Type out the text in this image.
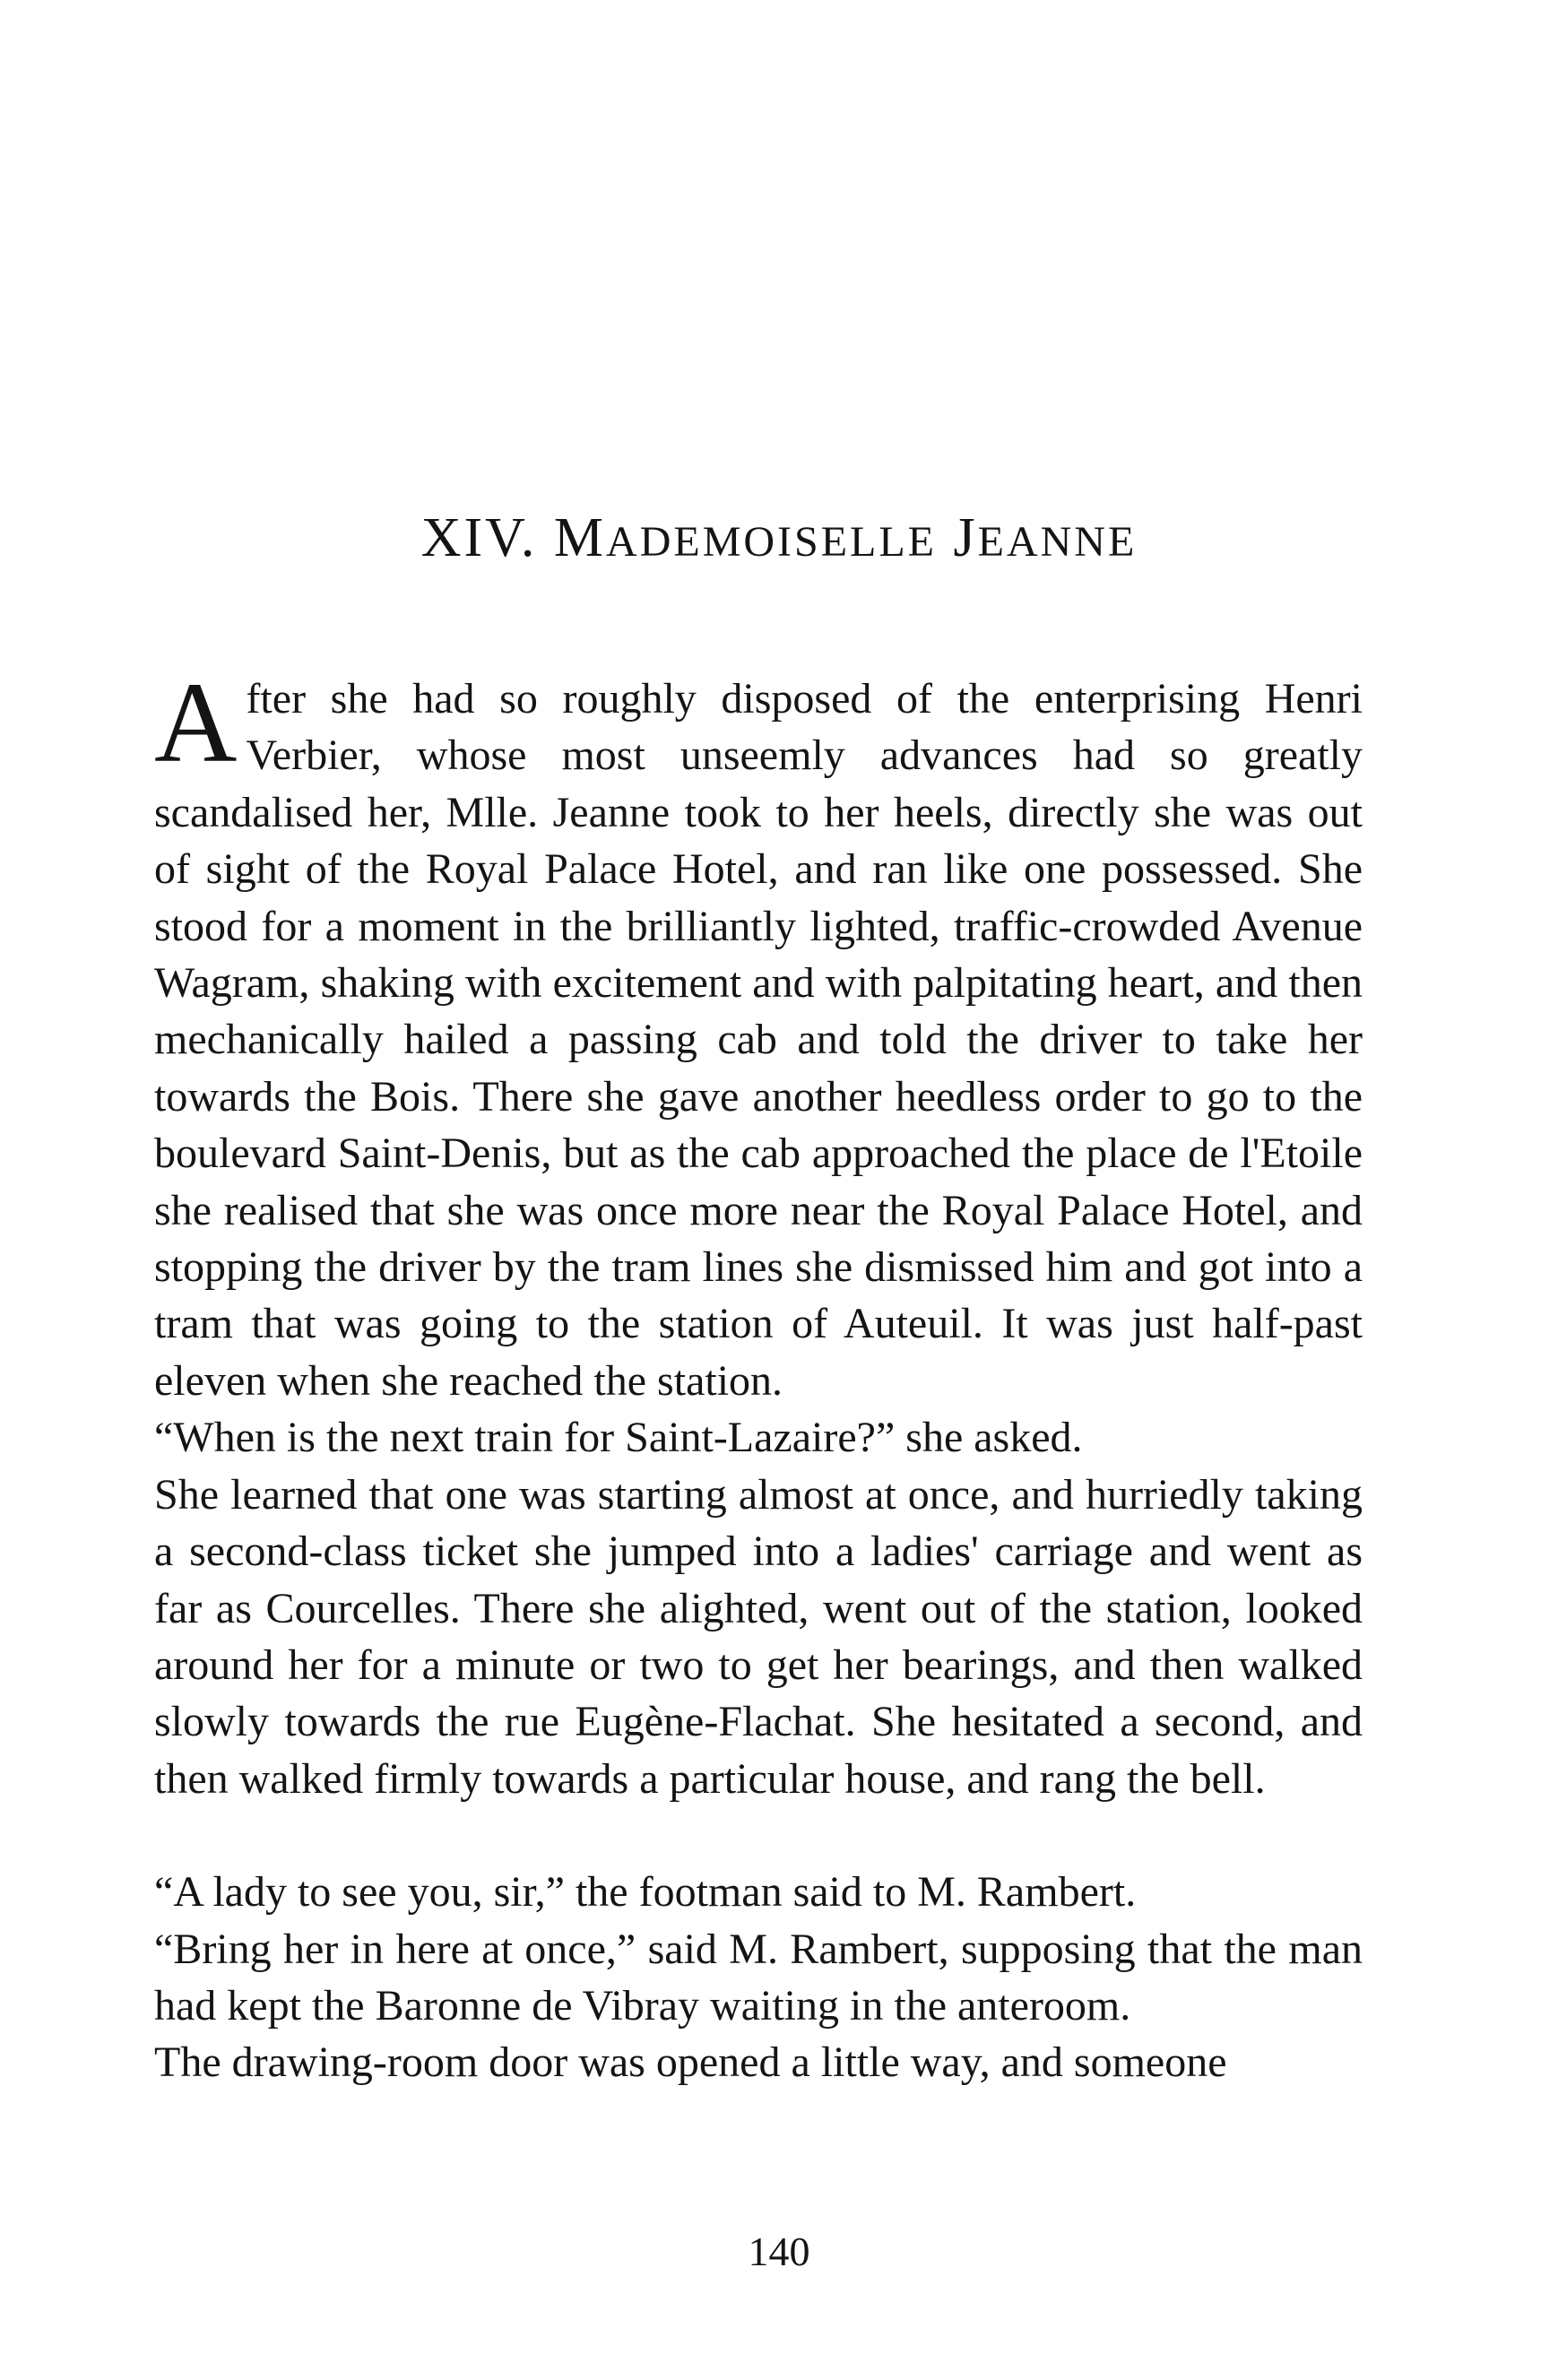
XIV. MADEMOISELLE JEANNE

After she had so roughly disposed of the enterprising Henri Verbier, whose most unseemly advances had so greatly scandalised her, Mlle. Jeanne took to her heels, directly she was out of sight of the Royal Palace Hotel, and ran like one possessed. She stood for a moment in the brilliantly lighted, traffic-crowded Avenue Wagram, shaking with excitement and with palpitating heart, and then mechanically hailed a passing cab and told the driver to take her towards the Bois. There she gave another heedless order to go to the boulevard Saint-Denis, but as the cab approached the place de l'Etoile she realised that she was once more near the Royal Palace Hotel, and stopping the driver by the tram lines she dismissed him and got into a tram that was going to the station of Auteuil. It was just half-past eleven when she reached the station.

“When is the next train for Saint-Lazaire?” she asked.

She learned that one was starting almost at once, and hurriedly taking a second-class ticket she jumped into a ladies' carriage and went as far as Courcelles. There she alighted, went out of the station, looked around her for a minute or two to get her bearings, and then walked slowly towards the rue Eugène-Flachat. She hesitated a second, and then walked firmly towards a particular house, and rang the bell.

“A lady to see you, sir,” the footman said to M. Rambert.

“Bring her in here at once,” said M. Rambert, supposing that the man had kept the Baronne de Vibray waiting in the anteroom.

The drawing-room door was opened a little way, and someone

140
